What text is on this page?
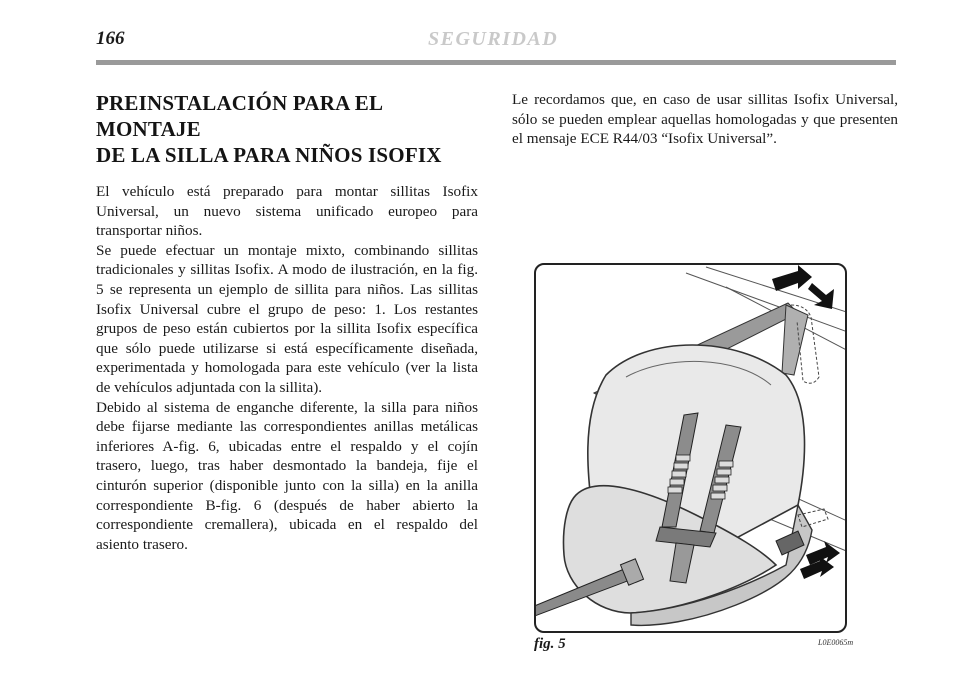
166	SEGURIDAD
PREINSTALACIÓN PARA EL MONTAJE
DE LA SILLA PARA NIÑOS ISOFIX

El vehículo está preparado para montar sillitas Isofix Universal, un nuevo sistema unificado europeo para transportar niños.

Se puede efectuar un montaje mixto, combinando sillitas tradicionales y sillitas Isofix. A modo de ilustración, en la fig. 5 se representa un ejemplo de sillita para niños. Las sillitas Isofix Universal cubre el grupo de peso: 1. Los restantes grupos de peso están cubiertos por la sillita Isofix específica que sólo puede utilizarse si está específicamente diseñada, experimentada y homologada para este vehículo (ver la lista de vehículos adjuntada con la sillita).

Debido al sistema de enganche diferente, la silla para niños debe fijarse mediante las correspondientes anillas metálicas inferiores A-fig. 6, ubicadas entre el respaldo y el cojín trasero, luego, tras haber desmontado la bandeja, fije el cinturón superior (disponible junto con la silla) en la anilla correspondiente B-fig. 6 (después de haber abierto la correspondiente cremallera), ubicada en el respaldo del asiento trasero.

Le recordamos que, en caso de usar sillitas Isofix Universal, sólo se pueden emplear aquellas homologadas y que presenten el mensaje ECE R44/03 “Isofix Universal”.

fig. 5	L0E0065m
